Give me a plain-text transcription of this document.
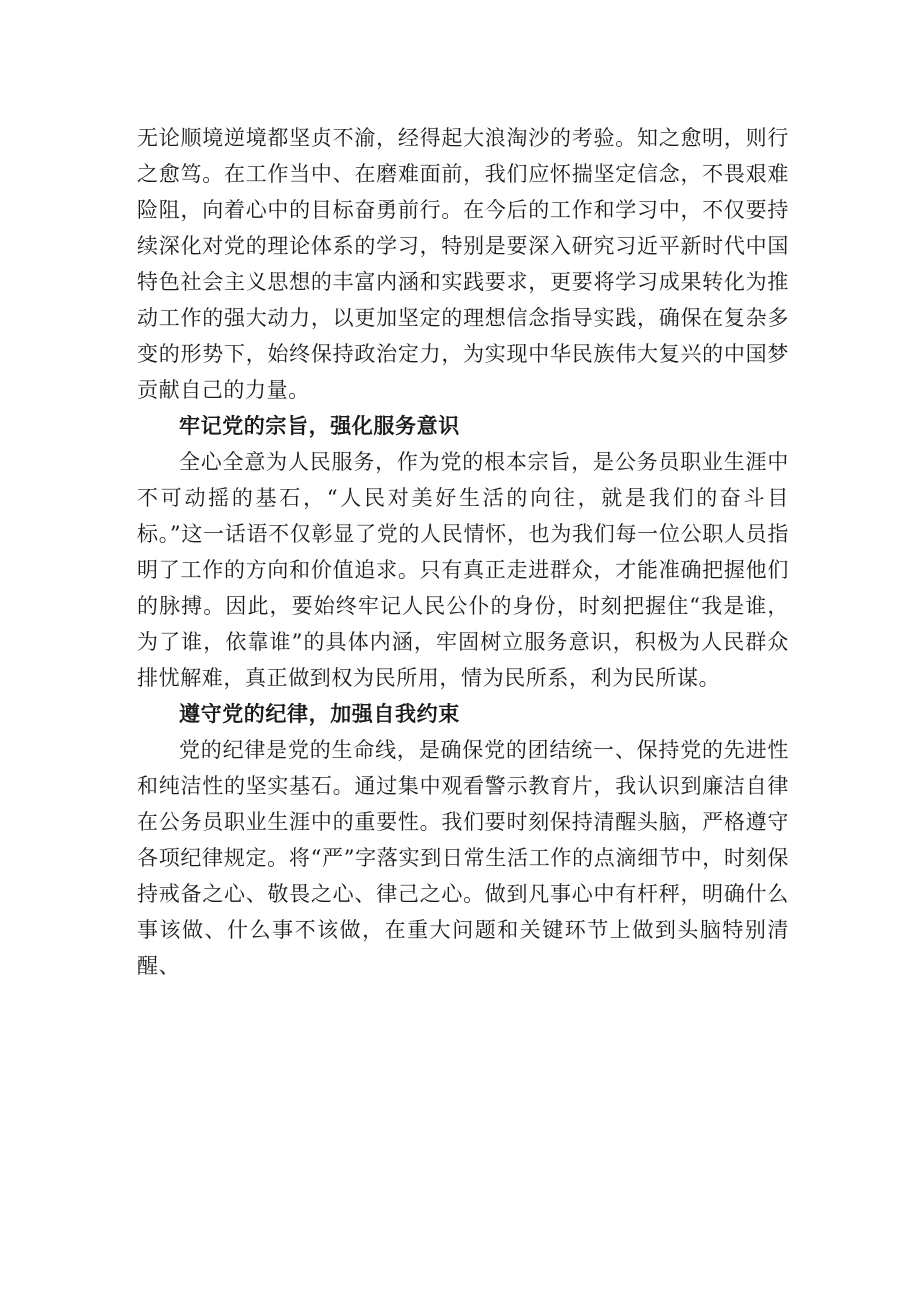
无论顺境逆境都坚贞不渝，经得起大浪淘沙的考验。知之愈明，则行之愈笃。在工作当中、在磨难面前，我们应怀揣坚定信念，不畏艰难险阻，向着心中的目标奋勇前行。在今后的工作和学习中，不仅要持续深化对党的理论体系的学习，特别是要深入研究习近平新时代中国特色社会主义思想的丰富内涵和实践要求，更要将学习成果转化为推动工作的强大动力，以更加坚定的理想信念指导实践，确保在复杂多变的形势下，始终保持政治定力，为实现中华民族伟大复兴的中国梦贡献自己的力量。

牢记党的宗旨，强化服务意识

全心全意为人民服务，作为党的根本宗旨，是公务员职业生涯中不可动摇的基石，“人民对美好生活的向往，就是我们的奋斗目标。”这一话语不仅彰显了党的人民情怀，也为我们每一位公职人员指明了工作的方向和价值追求。只有真正走进群众，才能准确把握他们的脉搏。因此，要始终牢记人民公仆的身份，时刻把握住“我是谁，为了谁，依靠谁”的具体内涵，牢固树立服务意识，积极为人民群众排忧解难，真正做到权为民所用，情为民所系，利为民所谋。

遵守党的纪律，加强自我约束

党的纪律是党的生命线，是确保党的团结统一、保持党的先进性和纯洁性的坚实基石。通过集中观看警示教育片，我认识到廉洁自律在公务员职业生涯中的重要性。我们要时刻保持清醒头脑，严格遵守各项纪律规定。将“严”字落实到日常生活工作的点滴细节中，时刻保持戒备之心、敬畏之心、律己之心。做到凡事心中有杆秤，明确什么事该做、什么事不该做，在重大问题和关键环节上做到头脑特别清醒、
